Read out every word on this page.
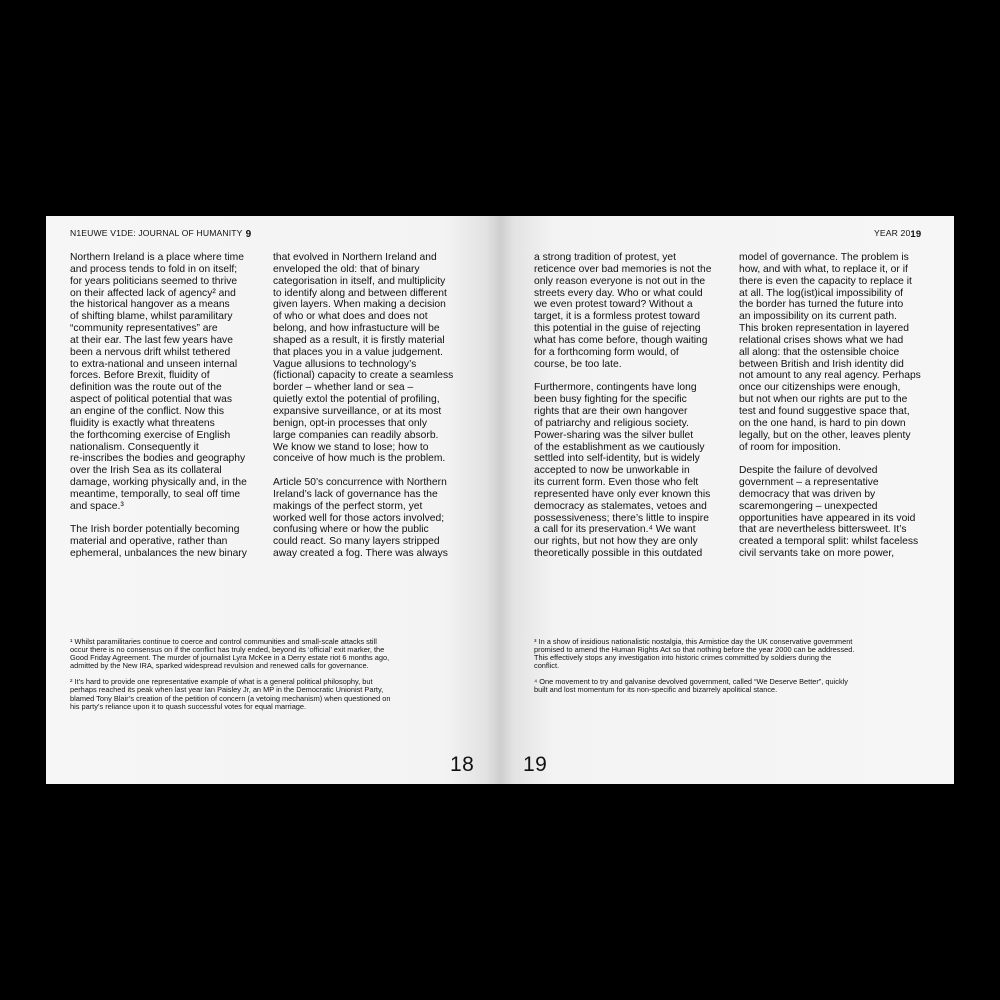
N1EUWE V1DE: JOURNAL OF HUMANITY 9

Northern Ireland is a place where time
and process tends to fold in on itself;
for years politicians seemed to thrive
on their affected lack of agency² and
the historical hangover as a means
of shifting blame, whilst paramilitary
“community representatives” are
at their ear. The last few years have
been a nervous drift whilst tethered
to extra-national and unseen internal
forces. Before Brexit, fluidity of
definition was the route out of the
aspect of political potential that was
an engine of the conflict. Now this
fluidity is exactly what threatens
the forthcoming exercise of English
nationalism. Consequently it
re-inscribes the bodies and geography
over the Irish Sea as its collateral
damage, working physically and, in the
meantime, temporally, to seal off time
and space.³

The Irish border potentially becoming
material and operative, rather than
ephemeral, unbalances the new binary

that evolved in Northern Ireland and
enveloped the old: that of binary
categorisation in itself, and multiplicity
to identify along and between different
given layers. When making a decision
of who or what does and does not
belong, and how infrastucture will be
shaped as a result, it is firstly material
that places you in a value judgement.
Vague allusions to technology’s
(fictional) capacity to create a seamless
border – whether land or sea –
quietly extol the potential of profiling,
expansive surveillance, or at its most
benign, opt-in processes that only
large companies can readily absorb.
We know we stand to lose; how to
conceive of how much is the problem.

Article 50’s concurrence with Northern
Ireland’s lack of governance has the
makings of the perfect storm, yet
worked well for those actors involved;
confusing where or how the public
could react. So many layers stripped
away created a fog. There was always

¹ Whilst paramilitaries continue to coerce and control communities and small-scale attacks still
occur there is no consensus on if the conflict has truly ended, beyond its ‘official’ exit marker, the
Good Friday Agreement. The murder of journalist Lyra McKee in a Derry estate riot 6 months ago,
admitted by the New IRA, sparked widespread revulsion and renewed calls for governance.
² It’s hard to provide one representative example of what is a general political philosophy, but
perhaps reached its peak when last year Ian Paisley Jr, an MP in the Democratic Unionist Party,
blamed Tony Blair’s creation of the petition of concern (a vetoing mechanism) when questioned on
his party’s reliance upon it to quash successful votes for equal marriage.
18
YEAR 2019

a strong tradition of protest, yet
reticence over bad memories is not the
only reason everyone is not out in the
streets every day. Who or what could
we even protest toward? Without a
target, it is a formless protest toward
this potential in the guise of rejecting
what has come before, though waiting
for a forthcoming form would, of
course, be too late.

Furthermore, contingents have long
been busy fighting for the specific
rights that are their own hangover
of patriarchy and religious society.
Power-sharing was the silver bullet
of the establishment as we cautiously
settled into self-identity, but is widely
accepted to now be unworkable in
its current form. Even those who felt
represented have only ever known this
democracy as stalemates, vetoes and
possessiveness; there’s little to inspire
a call for its preservation.⁴ We want
our rights, but not how they are only
theoretically possible in this outdated

model of governance. The problem is
how, and with what, to replace it, or if
there is even the capacity to replace it
at all. The log(ist)ical impossibility of
the border has turned the future into
an impossibility on its current path.
This broken representation in layered
relational crises shows what we had
all along: that the ostensible choice
between British and Irish identity did
not amount to any real agency. Perhaps
once our citizenships were enough,
but not when our rights are put to the
test and found suggestive space that,
on the one hand, is hard to pin down
legally, but on the other, leaves plenty
of room for imposition.

Despite the failure of devolved
government – a representative
democracy that was driven by
scaremongering – unexpected
opportunities have appeared in its void
that are nevertheless bittersweet. It’s
created a temporal split: whilst faceless
civil servants take on more power,

³ In a show of insidious nationalistic nostalgia, this Armistice day the UK conservative government
promised to amend the Human Rights Act so that nothing before the year 2000 can be addressed.
This effectively stops any investigation into historic crimes committed by soldiers during the
conflict.
⁴ One movement to try and galvanise devolved government, called “We Deserve Better”, quickly
built and lost momentum for its non-specific and bizarrely apolitical stance.
19
